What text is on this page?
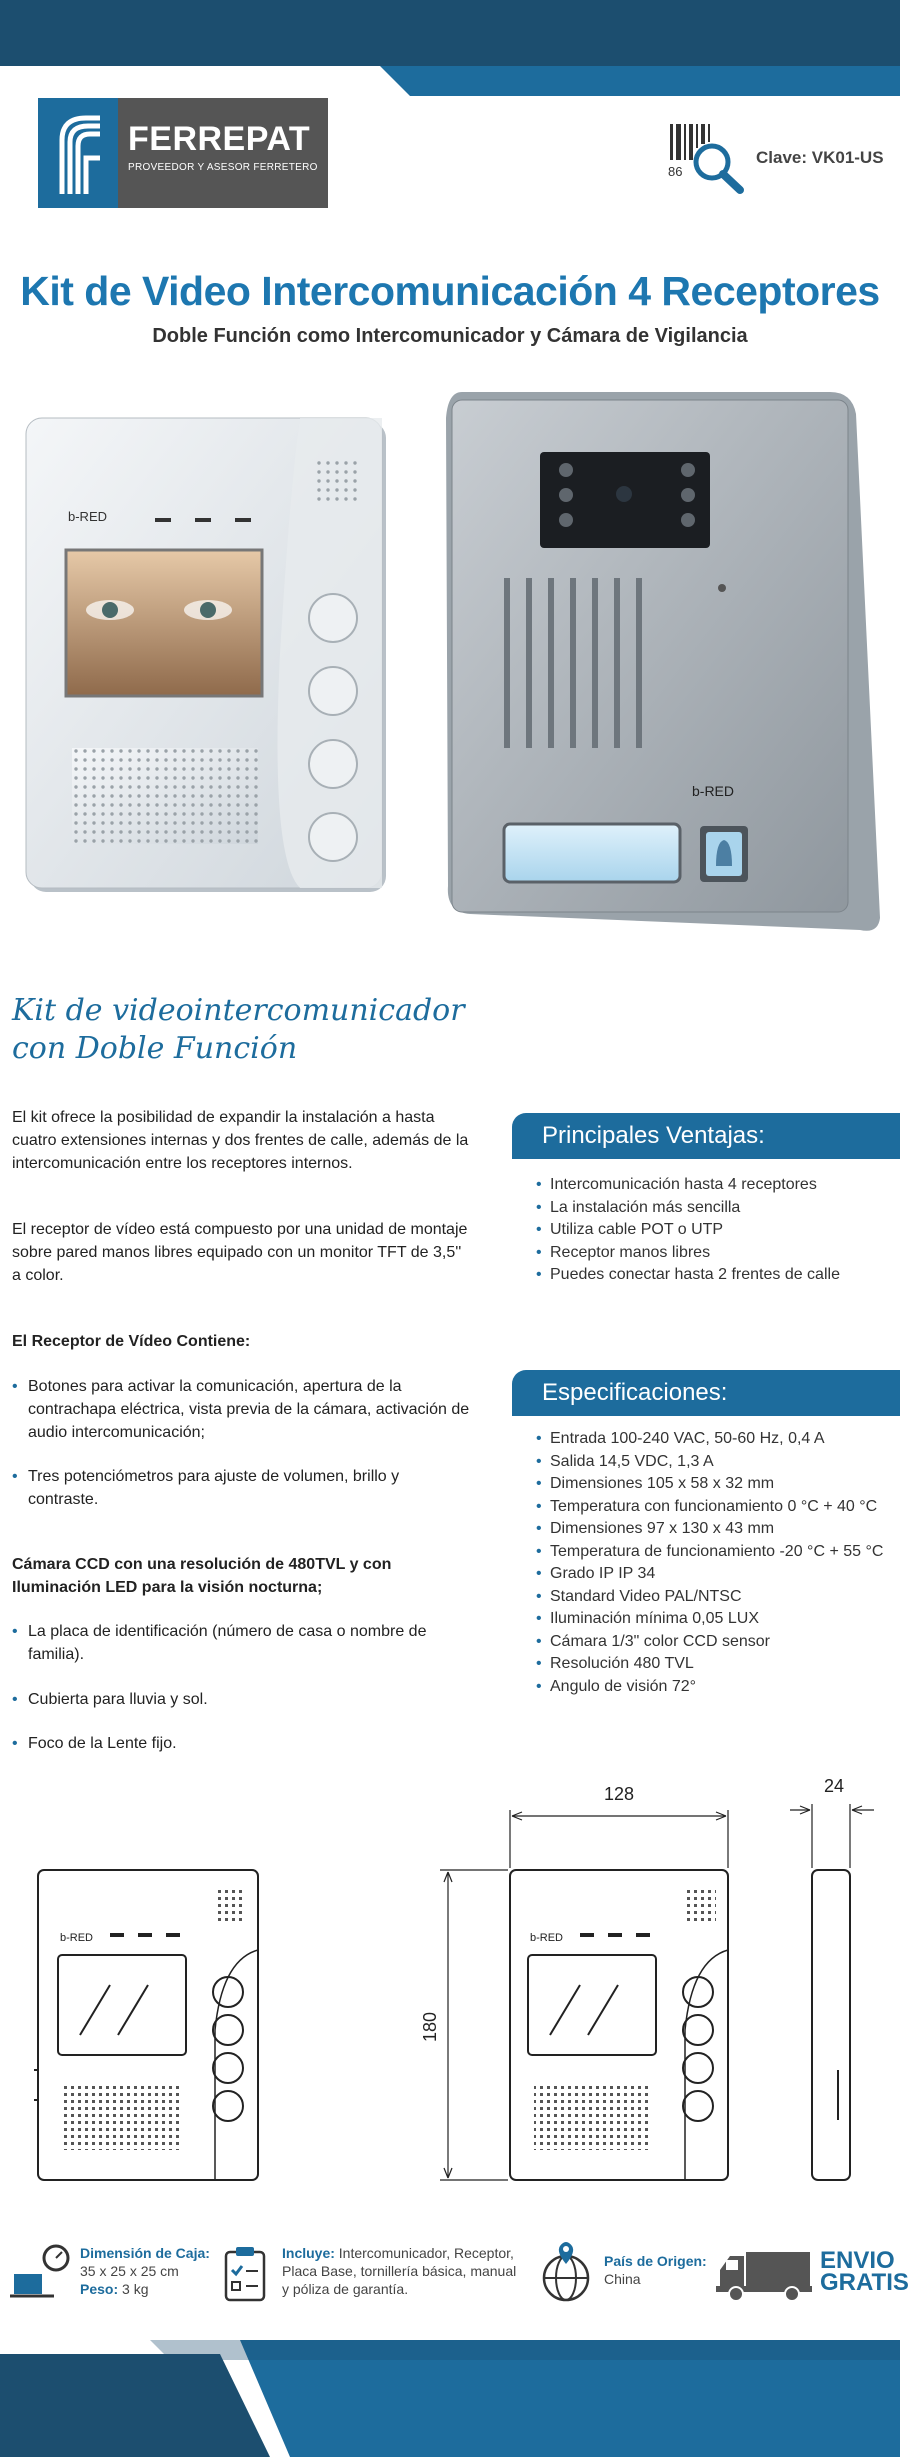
FERREPAT
PROVEEDOR Y ASESOR FERRETERO	86
Clave: VK01-US
Kit de Video Intercomunicación 4 Receptores
Doble Función como Intercomunicador y Cámara de Vigilancia
b-RED
b-RED
Kit de videointercomunicador
con Doble Función
El kit ofrece la posibilidad de expandir la instalación a hasta cuatro extensiones internas y dos frentes de calle, además de la intercomunicación entre los receptores internos.
El receptor de vídeo está compuesto por una unidad de montaje sobre pared manos libres equipado con un monitor TFT de 3,5'' a color.
El Receptor de Vídeo Contiene:
• Botones para activar la comunicación, apertura de la contrachapa eléctrica, vista previa de la cámara, activación de audio intercomunicación;
• Tres potenciómetros para ajuste de volumen, brillo y contraste.
Cámara CCD con una resolución de 480TVL y con Iluminación LED para la visión nocturna;
• La placa de identificación (número de casa o nombre de familia).
• Cubierta para lluvia y sol.
• Foco de la Lente fijo.
Principales Ventajas:
• Intercomunicación hasta 4 receptores
• La instalación más sencilla
• Utiliza cable POT o UTP
• Receptor manos libres
• Puedes conectar hasta 2 frentes de calle
Especificaciones:
• Entrada 100-240 VAC, 50-60 Hz, 0,4 A
• Salida 14,5 VDC, 1,3 A
• Dimensiones 105 x 58 x 32 mm
• Temperatura con funcionamiento 0 °C + 40 °C
• Dimensiones 97 x 130 x 43 mm
• Temperatura de funcionamiento -20 °C + 55 °C
• Grado IP IP 34
• Standard Video PAL/NTSC
• Iluminación mínima 0,05 LUX
• Cámara 1/3" color CCD sensor
• Resolución 480 TVL
• Angulo de visión 72°
b-RED	b-RED
128
180
24
Dimensión de Caja:
35 x 25 x 25 cm
Peso: 3 kg
Incluye: Intercomunicador, Receptor, Placa Base, tornillería básica, manual y póliza de garantía.
País de Origen:
China
ENVIO
GRATIS
